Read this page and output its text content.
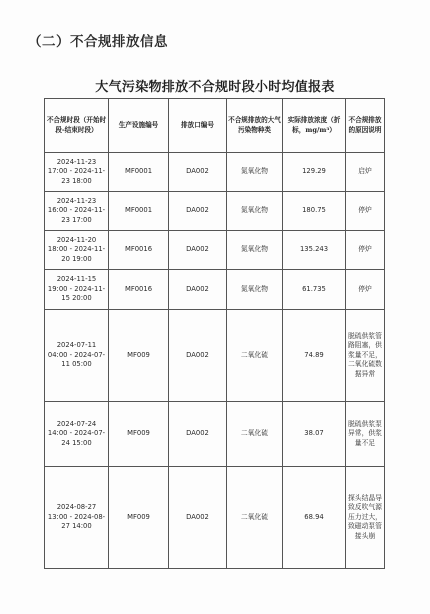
（二）不合规排放信息
大气污染物排放不合规时段小时均值报表
不合规时段（开始时段-结束时段）	生产设施编号	排放口编号	不合规排放的大气污染物种类	实际排放浓度（折标，mg/m³）	不合规排放的原因说明
2024-11-23 17:00 - 2024-11-23 18:00	MF0001	DA002	氮氧化物	129.29	启炉
2024-11-23 16:00 - 2024-11-23 17:00	MF0001	DA002	氮氧化物	180.75	停炉
2024-11-20 18:00 - 2024-11-20 19:00	MF0016	DA002	氮氧化物	135.243	停炉
2024-11-15 19:00 - 2024-11-15 20:00	MF0016	DA002	氮氧化物	61.735	停炉
2024-07-11 04:00 - 2024-07-11 05:00	MF009	DA002	二氧化硫	74.89	脱硫供浆管路阻塞，供浆量不足，二氧化硫数据异常
2024-07-24 14:00 - 2024-07-24 15:00	MF009	DA002	二氧化硫	38.07	脱硫供浆泵异常，供浆量不足
2024-08-27 13:00 - 2024-08-27 14:00	MF009	DA002	二氧化硫	68.94	探头结晶导致反吹气源压力过大，致磁动泵管接头崩
